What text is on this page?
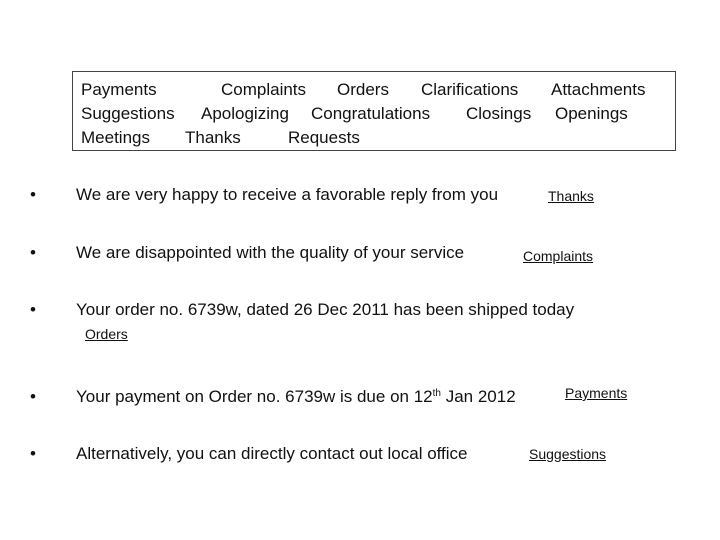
Payments	Complaints Orders Clarifications Attachments
Suggestions Apologizing Congratulations Closings Openings
Meetings Thanks	Requests
• We are very happy to receive a favorable reply from you	Thanks
• We are disappointed with the quality of your service	Complaints
• Your order no. 6739w, dated 26 Dec 2011 has been shipped today
Orders
• Your payment on Order no. 6739w is due on 12th Jan 2012	Payments
• Alternatively, you can directly contact out local office	Suggestions
